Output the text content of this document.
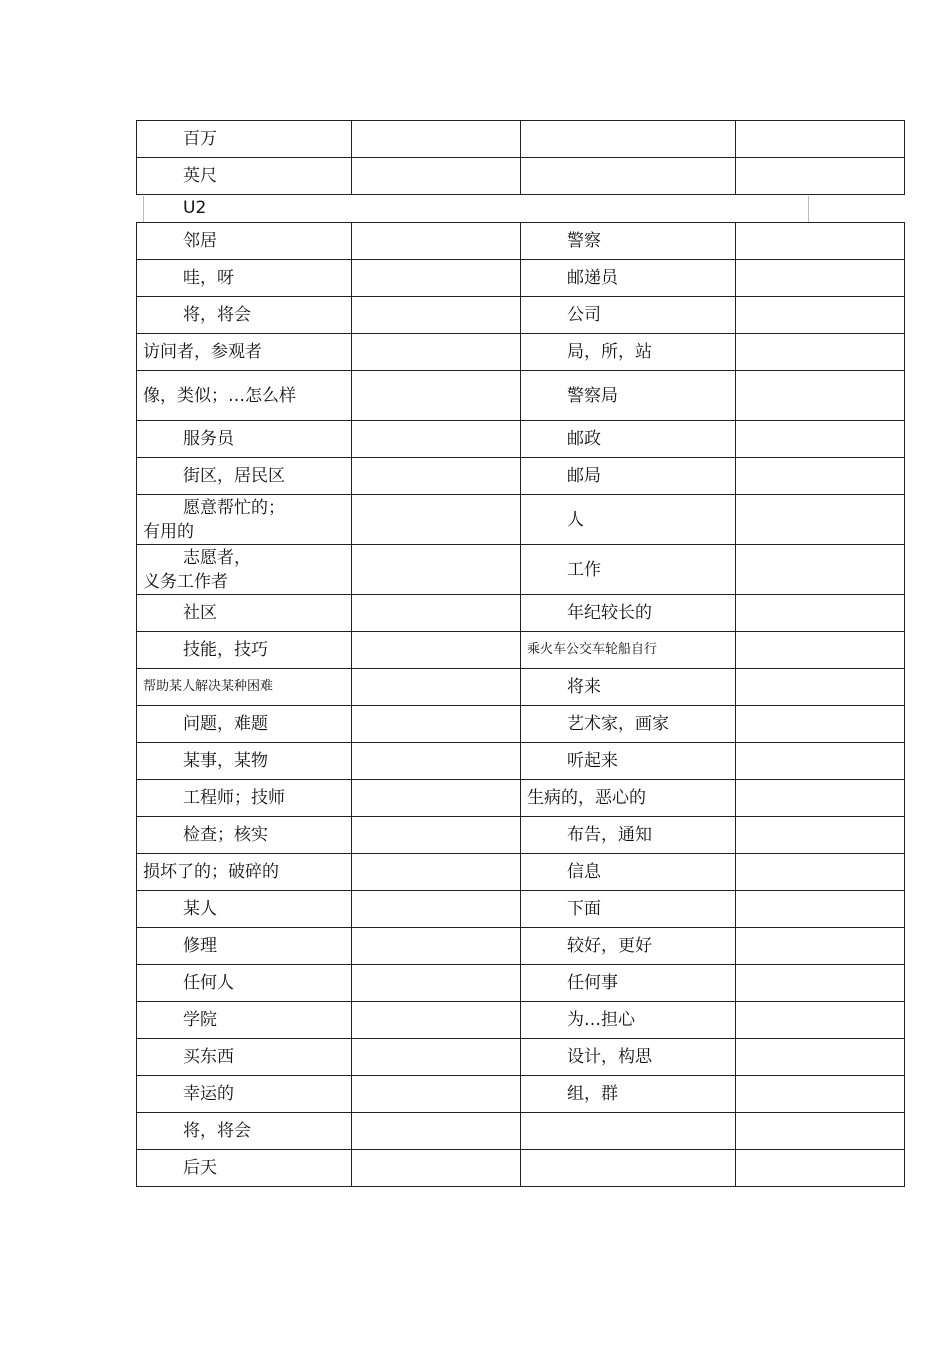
百万			
英尺			
U2
邻居		警察	
哇，呀		邮递员	
将，将会		公司	
访问者，参观者		局，所，站	
像，类似；…怎么样		警察局	
服务员		邮政	
街区，居民区		邮局	

愿意帮忙的；
有用的		人	

志愿者，
义务工作者		工作	
社区		年纪较长的	
技能，技巧		乘火车公交车轮船自行	
帮助某人解决某种困难		将来	
问题，难题		艺术家，画家	
某事，某物		听起来	
工程师；技师		生病的，恶心的	
检查；核实		布告，通知	
损坏了的；破碎的		信息	
某人		下面	
修理		较好，更好	
任何人		任何事	
学院		为…担心	
买东西		设计，构思	
幸运的		组，群	
将，将会			
后天			
